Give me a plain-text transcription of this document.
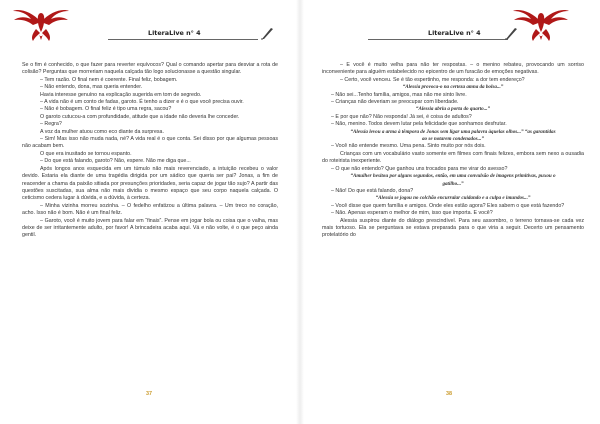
LiteraLive n° 4

Se o fim é conhecido, o que fazer para reverter equívocos? Qual o comando apertar para desviar a rota de colisão? Perguntas que morreriam naquela calçada tão logo solucionasse a questão singular.

– Tem razão. O final nem é coerente. Final feliz, bobagem.

– Não entendo, dona, mas queria entender.

Havia interesse genuíno na explicação sugerida em tom de segredo.

– A vida não é um conto de fadas, garoto. É tenho a dizer e é o que você precisa ouvir.

– Não é bobagem. O final feliz é tipo uma regra, sacou?

O garoto cutucou-a com profundidade, atitude que a idade não deveria lhe conceder.

– Regra?

A voz da mulher atuou como eco diante da surpresa.

– Sim! Mas isso não muda nada, né? A vida real é o que conta. Sei disso por que algumas pessoas não acabam bem.

O que era inusitado se tornou espanto.

– Do que está falando, garoto? Não, espere. Não me diga que...

Após longos anos esquecida em um túmulo não mais reverenciado, a intuição recebeu o valor devido. Estaria ela diante de uma tragédia dirigida por um sádico que queria ser pai? Jonas, a fim de reacender a chama da paixão sitiada por presunções prioridades, seria capaz de jogar tão sujo? A partir das questões suscitadas, sua alma não mais dividia o mesmo espaço que seu corpo naquela calçada. O ceticismo cedera lugar à dúvida, e a dúvida, à certeza.

– Minha vizinha morreu sozinha. – O fedelho enfatizou a última palavra. – Um treco no coração, acho. Isso não é bom. Não é um final feliz.

– Garoto, você é muito jovem para falar em “finais”. Pense em jogar bola ou coisa que o valha, mas deixe de ser irritantemente adulto, por favor! A brincadeira acaba aqui. Vá e não volte, é o que peço ainda gentil.

37
LiteraLive n° 4

– E você é muito velha para não ter respostas. – o menino rebateu, provocando um sorriso inconveniente para alguém estabelecido no epicentro de um furacão de emoções negativas.

– Certo, você venceu. Se é tão espertinho, me responda: a dor tem endereço?

“Alessia provoca-o na certeza amna da bolsa...”

– Não sei...Tenho família, amigos, mas não me sinto livre.

– Crianças não deveriam se preocupar com liberdade.

“Alessia abriu a porta do quarto...”

– E por que não? Não responda! Já sei, é coisa de adultos?

– Não, menino. Todos devem lutar pela felicidade que sonhamos desfrutar.

“Alessia levou a arma à têmpora de Jonas sem ligar uma palavra àquelas olhos...” “as garantidas ao se notarem condenados...”

– Você não entende mesmo. Uma pena. Sinto muito por nós dois.

Crianças com um vocabulário vasto somente em filmes com finais felizes, embora sem nexo a ousadia do roteirista inexperiente.

– O que não entendo? Que ganhou uns trocados para me virar do avesso?

“Amulher hesitou por alguns segundos, então, em uma convulsão de imagens primitivas, puxou o gatilho...”

– Não! Do que está falando, dona?

“Alessia se jogou no colchão encurralar cuidando e a culpa e imundos...”

– Você disse que quem família e amigos. Onde eles estão agora? Eles sabem o que está fazendo?

– Não. Apenas esperam o melhor de mim, isso que importa. E você?

Alessia suspirou diante do diálogo prescindível. Para seu assombro, o terreno tornava-se cada vez mais tortuoso. Ela se perguntava se estava preparada para o que viria a seguir. Decerto um pensamento protelatório do

38
